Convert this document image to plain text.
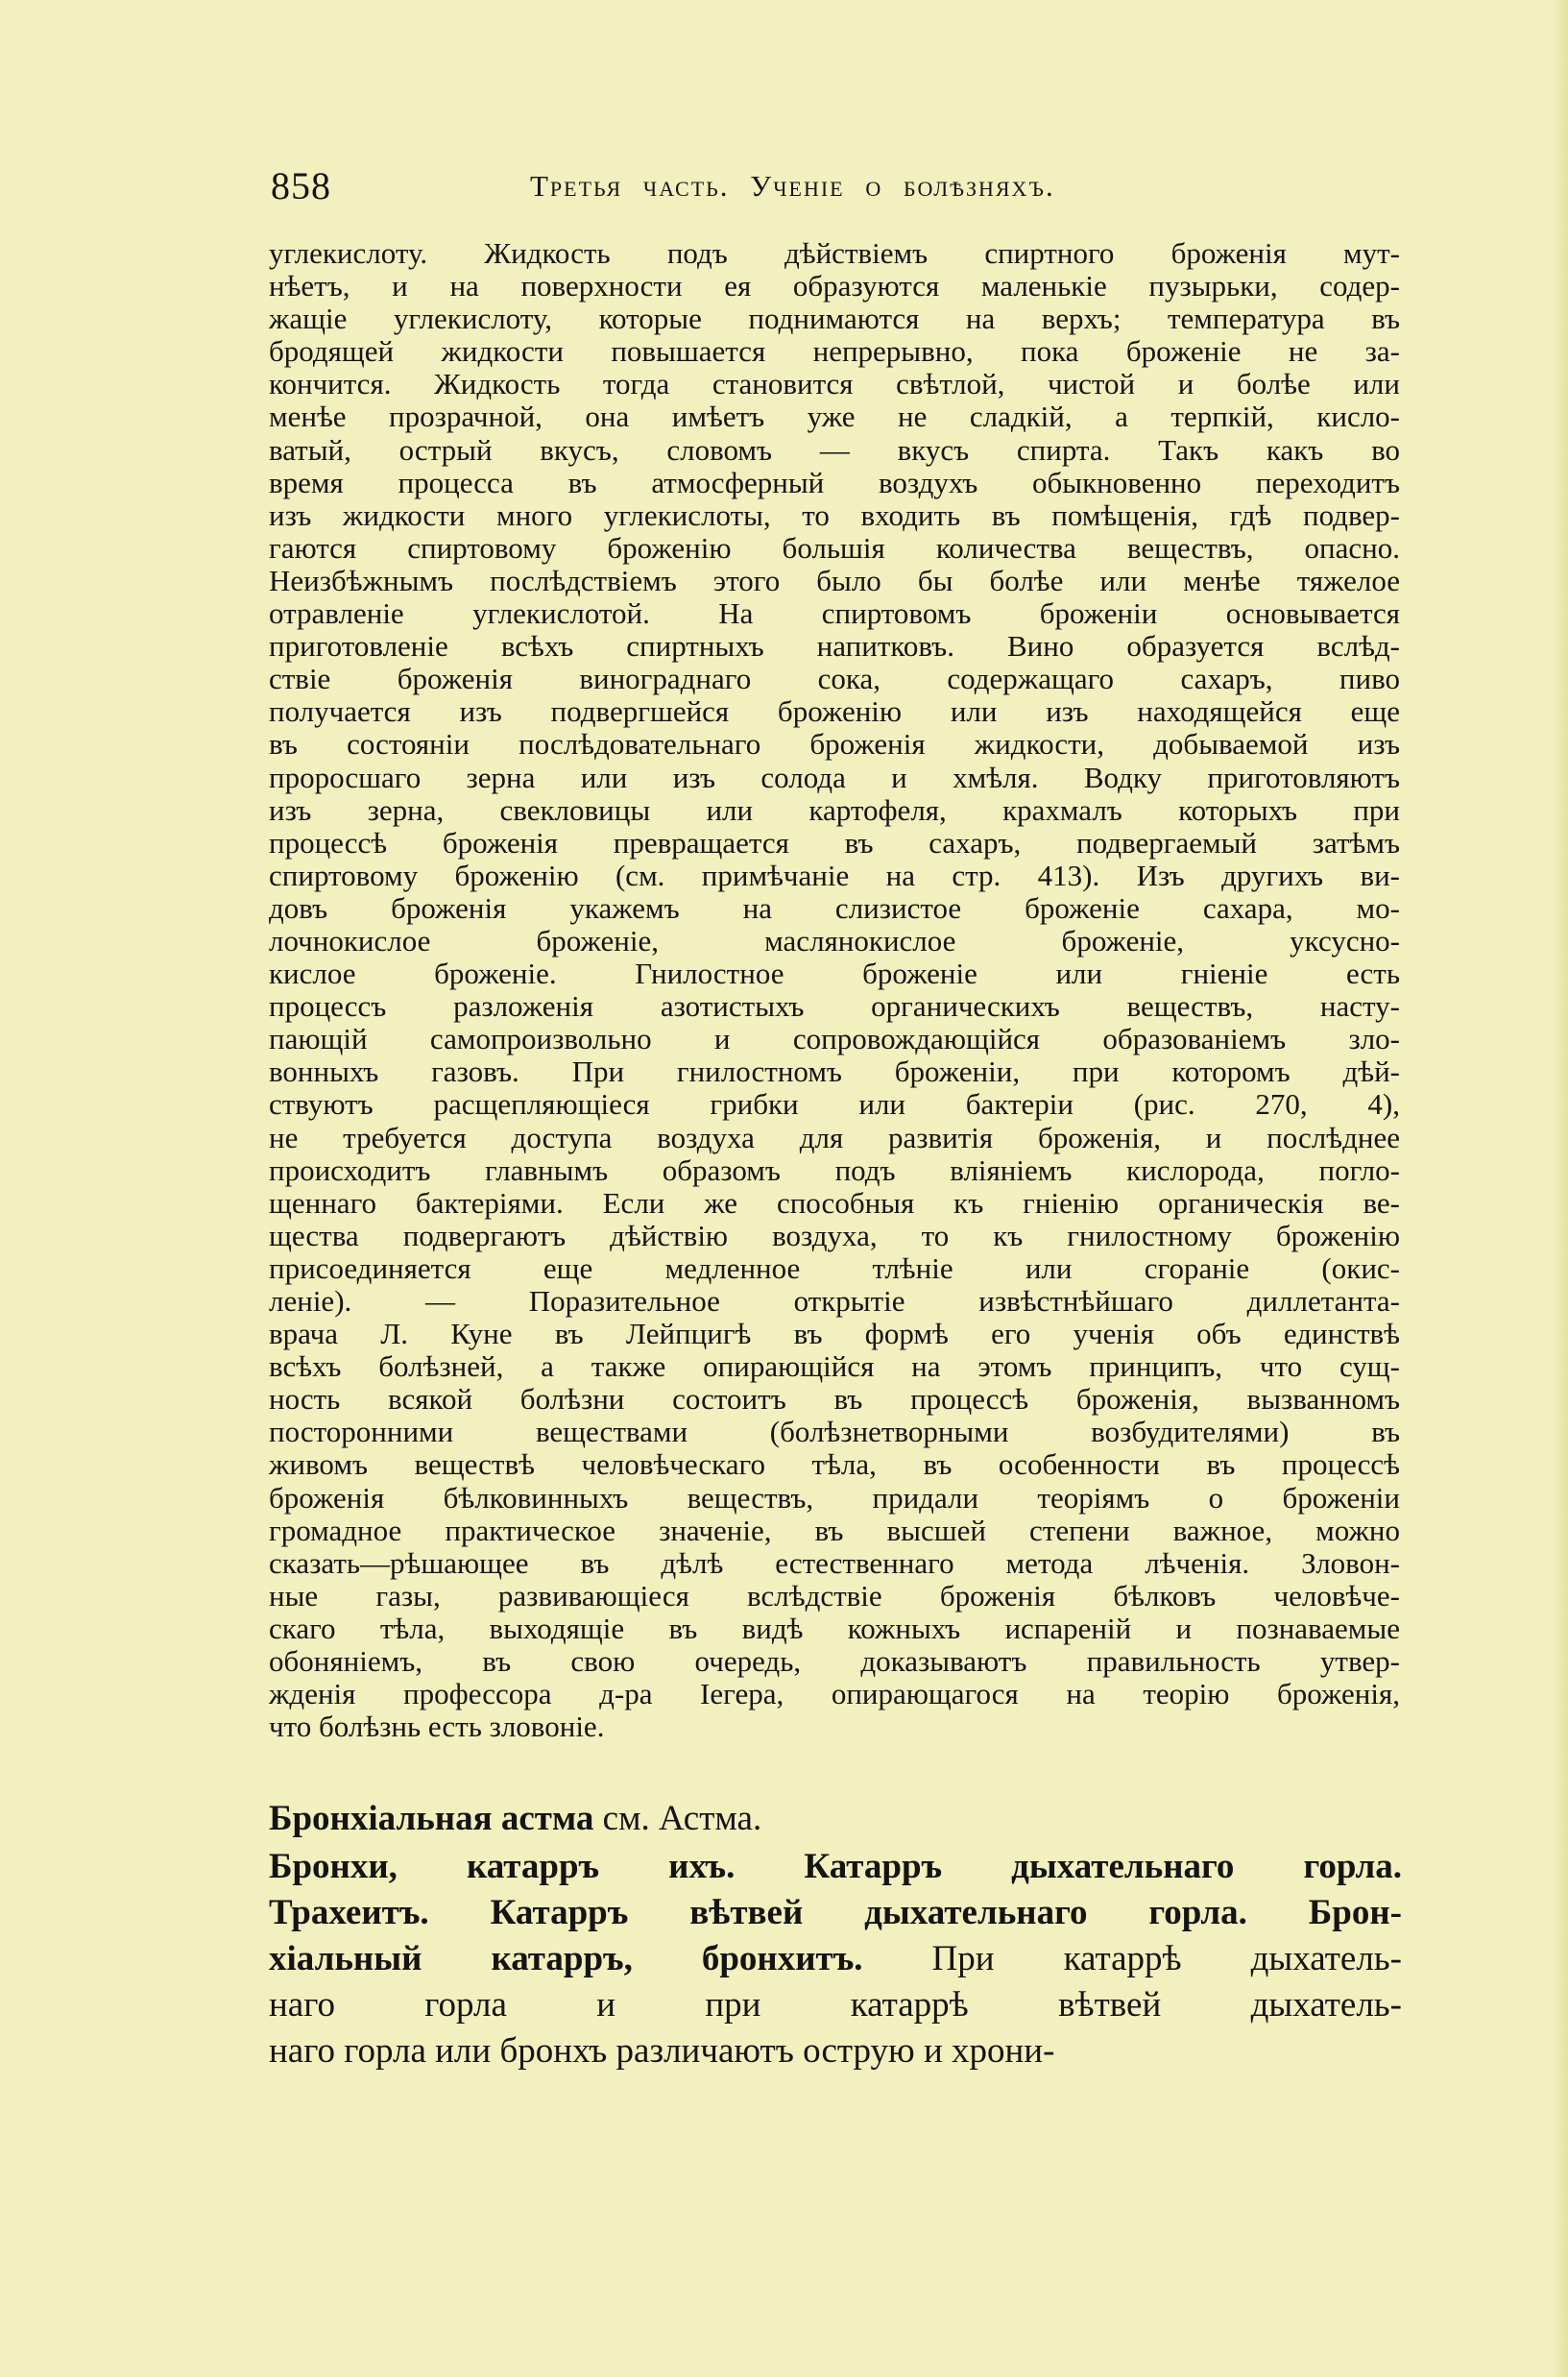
858	Третья часть. Ученіе о болѣзняхъ.
углекислоту. Жидкость подъ дѣйствіемъ спиртного броженія мут-
нѣетъ, и на поверхности ея образуются маленькіе пузырьки, содер-
жащіе углекислоту, которые поднимаются на верхъ; температура въ
бродящей жидкости повышается непрерывно, пока броженіе не за-
кончится. Жидкость тогда становится свѣтлой, чистой и болѣе или
менѣе прозрачной, она имѣетъ уже не сладкій, а терпкій, кисло-
ватый, острый вкусъ, словомъ — вкусъ спирта. Такъ какъ во
время процесса въ атмосферный воздухъ обыкновенно переходитъ
изъ жидкости много углекислоты, то входить въ помѣщенія, гдѣ подвер-
гаются спиртовому броженію большія количества веществъ, опасно.
Неизбѣжнымъ послѣдствіемъ этого было бы болѣе или менѣе тяжелое
отравленіе углекислотой. На спиртовомъ броженіи основывается
приготовленіе всѣхъ спиртныхъ напитковъ. Вино образуется вслѣд-
ствіе броженія винограднаго сока, содержащаго сахаръ, пиво
получается изъ подвергшейся броженію или изъ находящейся еще
въ состояніи послѣдовательнаго броженія жидкости, добываемой изъ
проросшаго зерна или изъ солода и хмѣля. Водку приготовляютъ
изъ зерна, свекловицы или картофеля, крахмалъ которыхъ при
процессѣ броженія превращается въ сахаръ, подвергаемый затѣмъ
спиртовому броженію (см. примѣчаніе на стр. 413). Изъ другихъ ви-
довъ броженія укажемъ на слизистое броженіе сахара, мо-
лочнокислое броженіе, маслянокислое броженіе, уксусно-
кислое броженіе. Гнилостное броженіе или гніеніе есть
процессъ разложенія азотистыхъ органическихъ веществъ, насту-
пающій самопроизвольно и сопровождающійся образованіемъ зло-
вонныхъ газовъ. При гнилостномъ броженіи, при которомъ дѣй-
ствуютъ расщепляющіеся грибки или бактеріи (рис. 270, 4),
не требуется доступа воздуха для развитія броженія, и послѣднее
происходитъ главнымъ образомъ подъ вліяніемъ кислорода, погло-
щеннаго бактеріями. Если же способныя къ гніенію органическія ве-
щества подвергаютъ дѣйствію воздуха, то къ гнилостному броженію
присоединяется еще медленное тлѣніе или сгораніе (окис-
леніе). — Поразительное открытіе извѣстнѣйшаго диллетанта-
врача Л. Куне въ Лейпцигѣ въ формѣ его ученія объ единствѣ
всѣхъ болѣзней, а также опирающійся на этомъ принципъ, что сущ-
ность всякой болѣзни состоитъ въ процессѣ броженія, вызванномъ
посторонними веществами (болѣзнетворными возбудителями) въ
живомъ веществѣ человѣческаго тѣла, въ особенности въ процессѣ
броженія бѣлковинныхъ веществъ, придали теоріямъ о броженіи
громадное практическое значеніе, въ высшей степени важное, можно
сказать—рѣшающее въ дѣлѣ естественнаго метода лѣченія. Зловон-
ные газы, развивающіеся вслѣдствіе броженія бѣлковъ человѣче-
скаго тѣла, выходящіе въ видѣ кожныхъ испареній и познаваемые
обоняніемъ, въ свою очередь, доказываютъ правильность утвер-
жденія профессора д-ра Іегера, опирающагося на теорію броженія,
что болѣзнь есть зловоніе.
Бронхіальная астма см. Астма.
Бронхи, катарръ ихъ. Катарръ дыхательнаго горла.
Трахеитъ. Катарръ вѣтвей дыхательнаго горла. Брон-
хіальный катарръ, бронхитъ. При катаррѣ дыхатель-
наго горла и при катаррѣ вѣтвей дыхатель-
наго горла или бронхъ различаютъ острую и хрони-
